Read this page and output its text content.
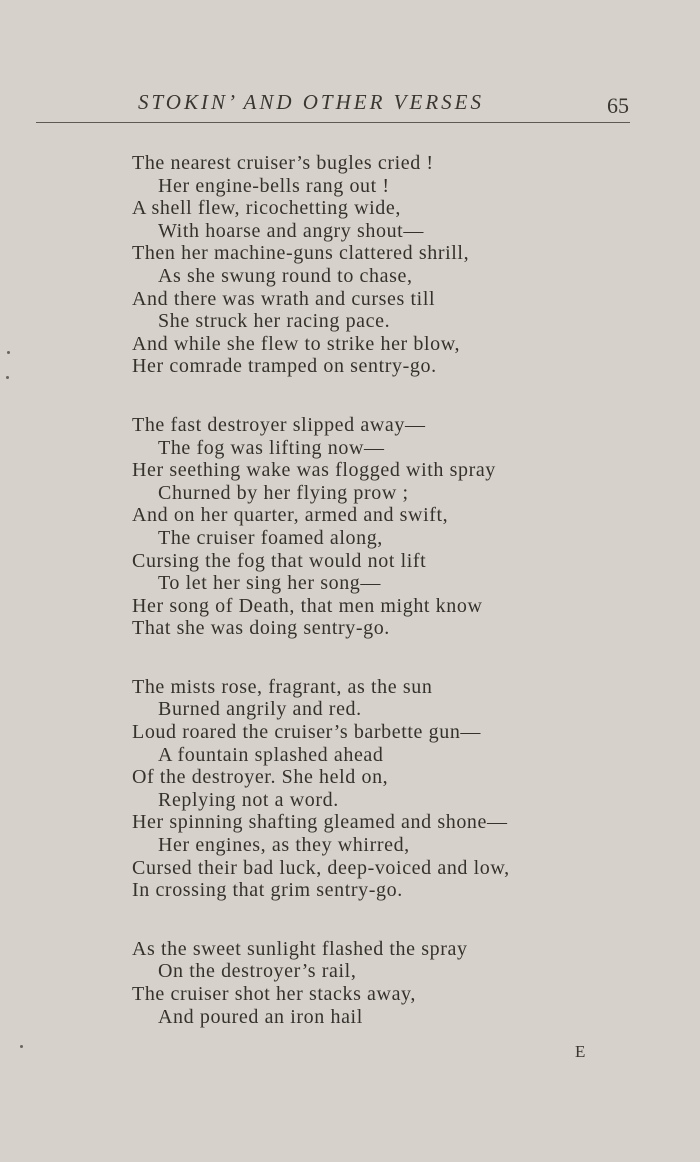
STOKIN’ AND OTHER VERSES	65
The nearest cruiser’s bugles cried !
Her engine-bells rang out !
A shell flew, ricochetting wide,
With hoarse and angry shout—
Then her machine-guns clattered shrill,
As she swung round to chase,
And there was wrath and curses till
She struck her racing pace.
And while she flew to strike her blow,
Her comrade tramped on sentry-go.
The fast destroyer slipped away—
The fog was lifting now—
Her seething wake was flogged with spray
Churned by her flying prow ;
And on her quarter, armed and swift,
The cruiser foamed along,
Cursing the fog that would not lift
To let her sing her song—
Her song of Death, that men might know
That she was doing sentry-go.
The mists rose, fragrant, as the sun
Burned angrily and red.
Loud roared the cruiser’s barbette gun—
A fountain splashed ahead
Of the destroyer. She held on,
Replying not a word.
Her spinning shafting gleamed and shone—
Her engines, as they whirred,
Cursed their bad luck, deep-voiced and low,
In crossing that grim sentry-go.
As the sweet sunlight flashed the spray
On the destroyer’s rail,
The cruiser shot her stacks away,
And poured an iron hail
E
